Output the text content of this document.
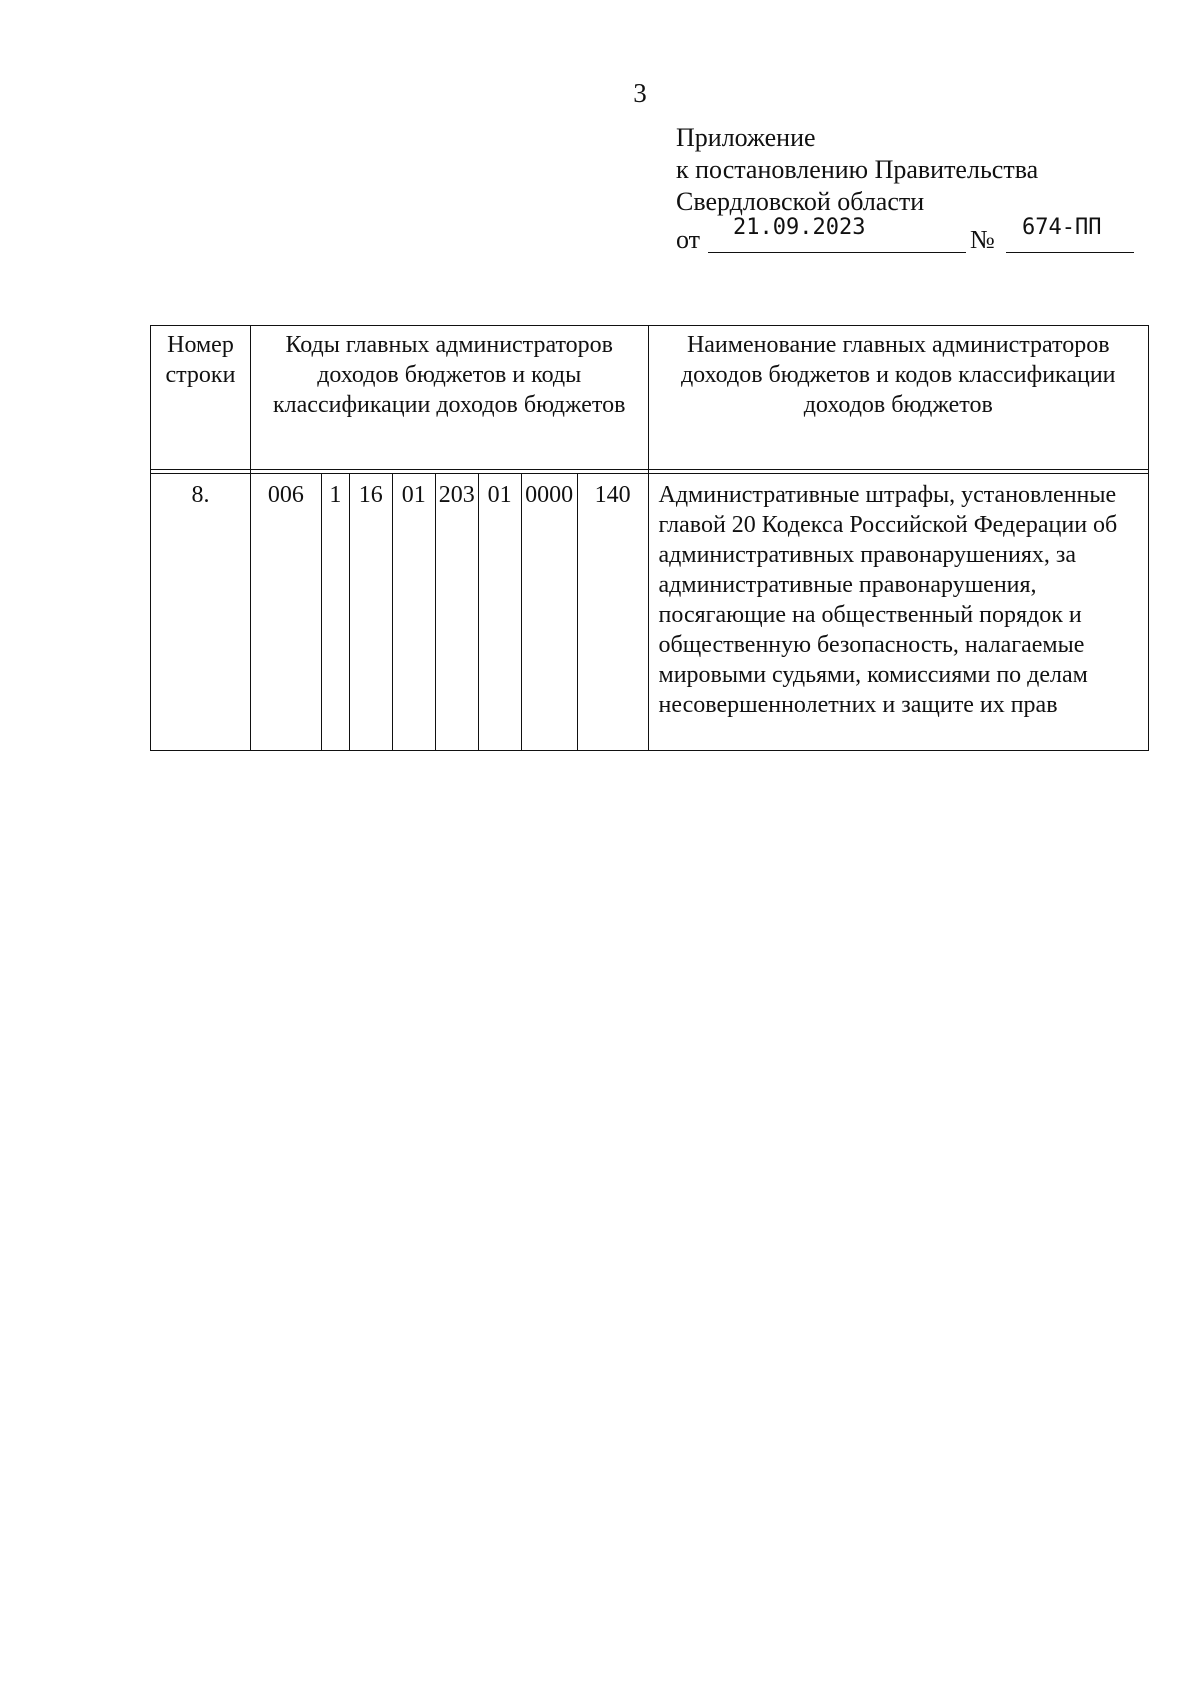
3
Приложение
к постановлению Правительства
Свердловской области
от 21.09.2023	№ 674-ПП
Номер строки	Коды главных администраторов доходов бюджетов и коды классификации доходов бюджетов								Наименование главных администраторов доходов бюджетов и кодов классификации доходов бюджетов

8.	006	1	16	01	203	01	0000	140	Административные штрафы, установленные главой 20 Кодекса Российской Федерации об административных правонарушениях, за административные правонарушения, посягающие на общественный порядок и общественную безопасность, налагаемые мировыми судьями, комиссиями по делам несовершеннолетних и защите их прав
